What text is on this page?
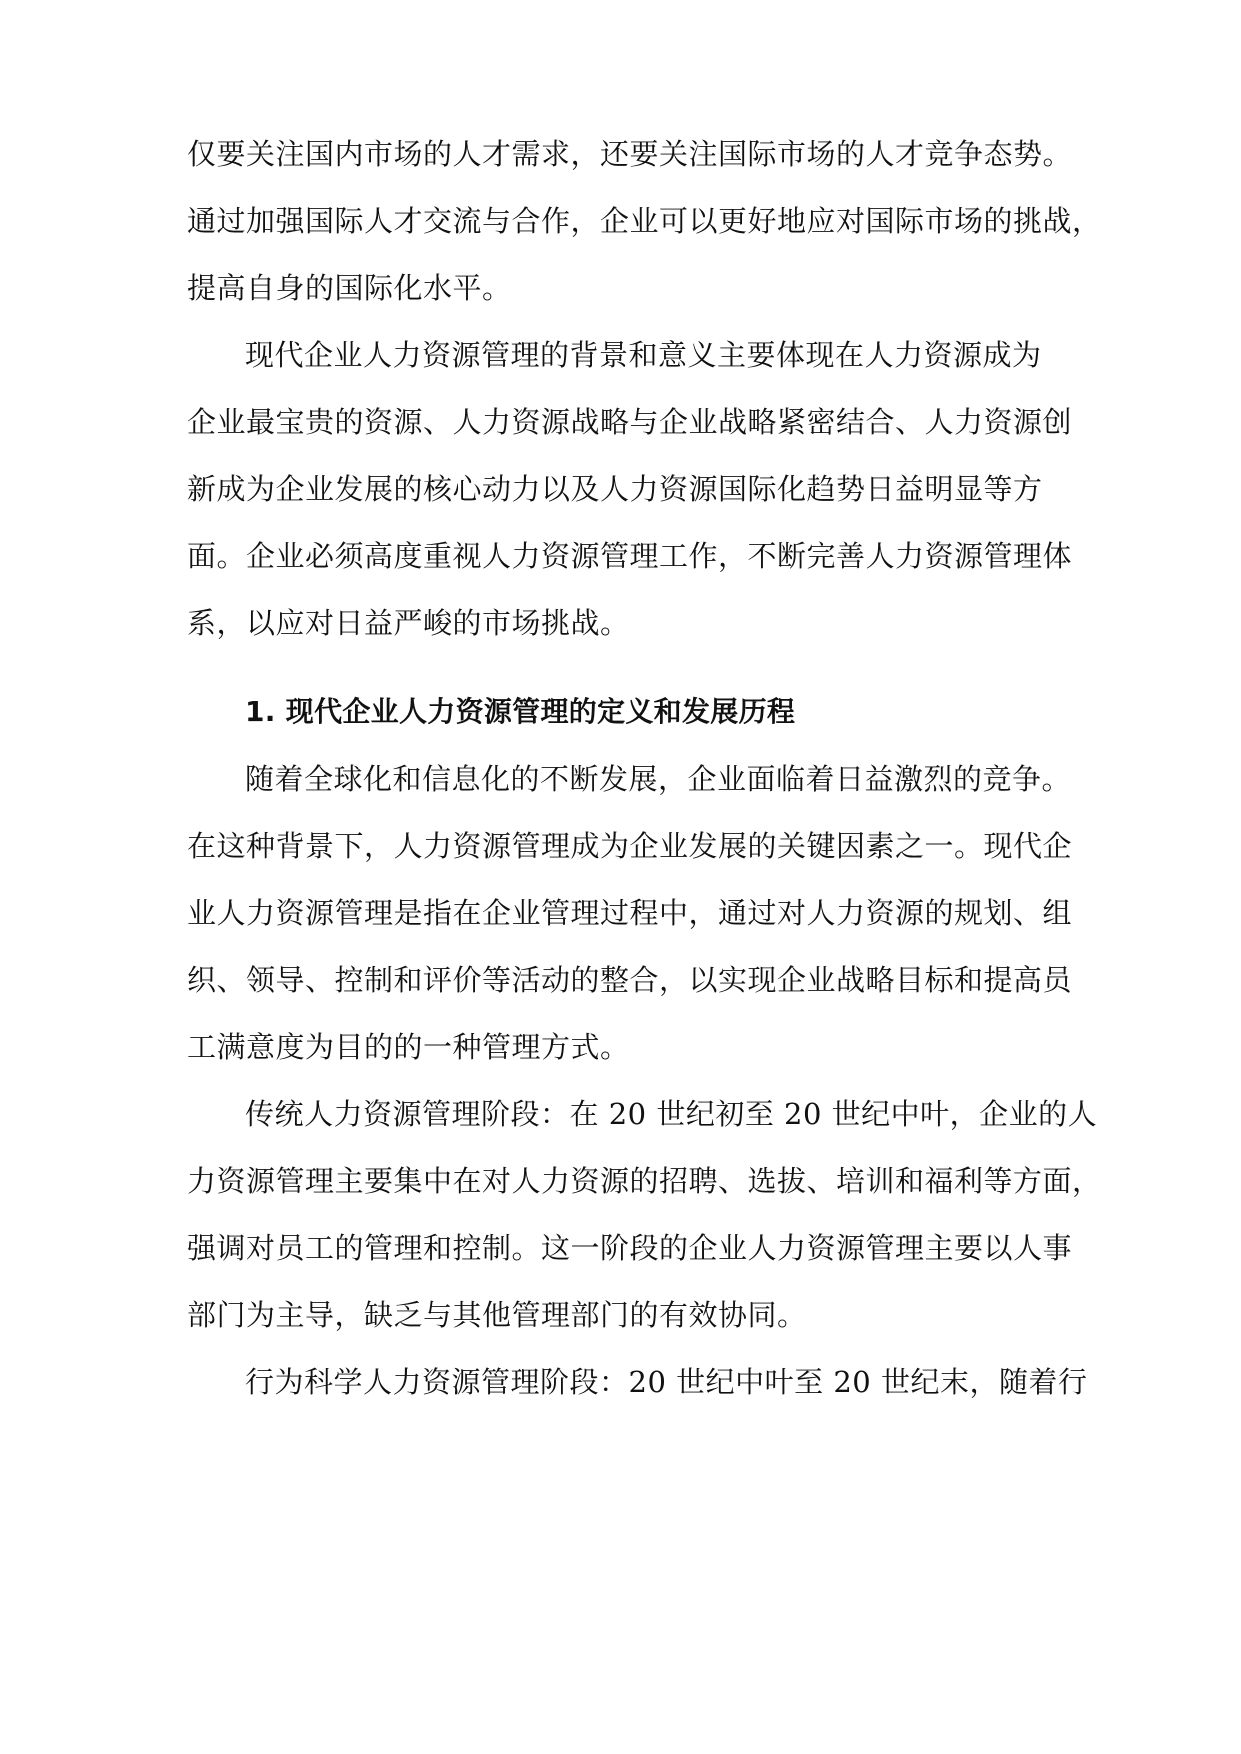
仅要关注国内市场的人才需求，还要关注国际市场的人才竞争态势。
通过加强国际人才交流与合作，企业可以更好地应对国际市场的挑战，
提高自身的国际化水平。
现代企业人力资源管理的背景和意义主要体现在人力资源成为
企业最宝贵的资源、人力资源战略与企业战略紧密结合、人力资源创
新成为企业发展的核心动力以及人力资源国际化趋势日益明显等方
面。企业必须高度重视人力资源管理工作，不断完善人力资源管理体
系，以应对日益严峻的市场挑战。
1. 现代企业人力资源管理的定义和发展历程
随着全球化和信息化的不断发展，企业面临着日益激烈的竞争。
在这种背景下，人力资源管理成为企业发展的关键因素之一。现代企
业人力资源管理是指在企业管理过程中，通过对人力资源的规划、组
织、领导、控制和评价等活动的整合，以实现企业战略目标和提高员
工满意度为目的的一种管理方式。
传统人力资源管理阶段：在 20 世纪初至 20 世纪中叶，企业的人
力资源管理主要集中在对人力资源的招聘、选拔、培训和福利等方面，
强调对员工的管理和控制。这一阶段的企业人力资源管理主要以人事
部门为主导，缺乏与其他管理部门的有效协同。
行为科学人力资源管理阶段：20 世纪中叶至 20 世纪末，随着行
